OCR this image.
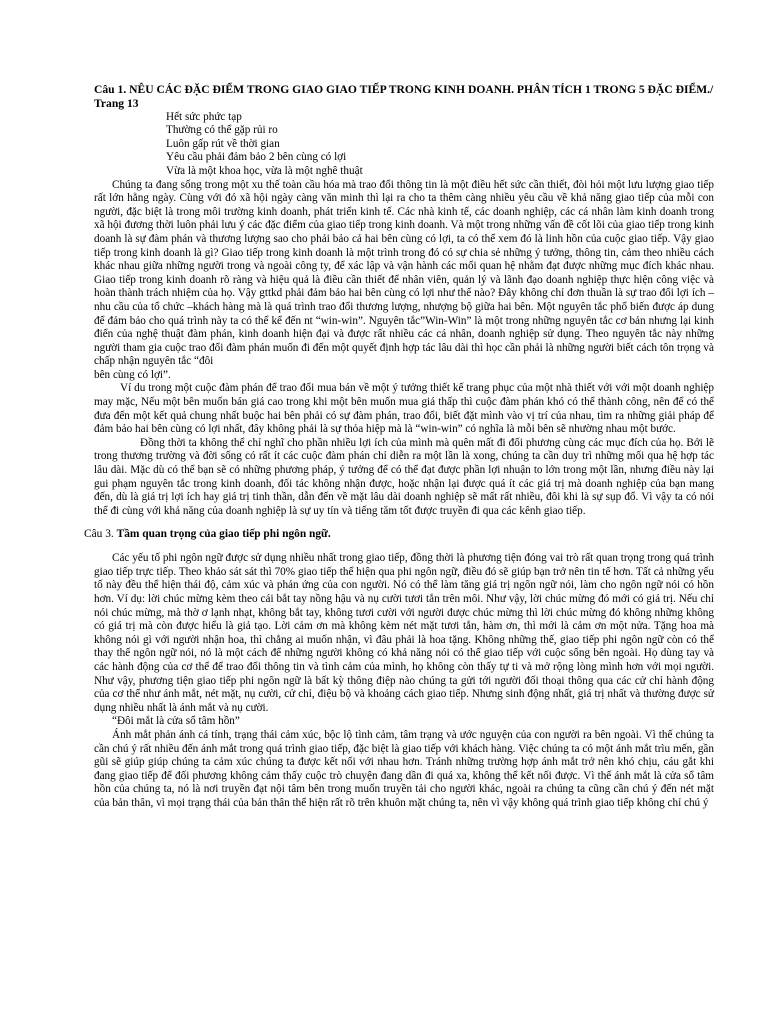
Câu 1. NÊU CÁC ĐẶC ĐIỂM TRONG GIAO GIAO TIẾP TRONG KINH DOANH. PHÂN TÍCH 1 TRONG 5 ĐẶC ĐIỂM./ Trang 13
Hết sức phức tạp
Thường có thể gặp rủi ro
Luôn gấp rút về thời gian
Yêu cầu phải đảm bảo 2 bên cùng có lợi
Vừa là một khoa học, vừa là một nghê thuật

Chúng ta đang sống trong một xu thế toàn cầu hóa mà trao đổi thông tin là một điều hết sức cần thiết, đòi hỏi một lưu lượng giao tiếp rất lớn hằng ngày. Cùng với đó xã hội ngày càng văn minh thì lại ra cho ta thêm càng nhiều yêu cầu về khả năng giao tiếp của mỗi con người, đặc biệt là trong môi trường kinh doanh, phát triển kinh tế. Các nhà kinh tế, các doanh nghiệp, các cá nhân làm kinh doanh trong xã hội đương thời luôn phải lưu ý các đặc điểm của giao tiếp trong kinh doanh. Và một trong những vấn đề cốt lõi của giao tiếp trong kinh doanh là sự đàm phán và thương lượng sao cho phải bảo cả hai bên cùng có lợi, ta có thể xem đó là linh hồn của cuộc giao tiếp. Vậy giao tiếp trong kinh doanh là gì? Giao tiếp trong kinh doanh là một trình trong đó có sự chia sẻ những ý tưởng, thông tin, cảm theo nhiều cách khác nhau giữa những người trong và ngoài công ty, để xác lập và vận hành các mối quan hệ nhằm đạt được những mục đích khác nhau. Giao tiếp trong kinh doanh rõ ràng và hiệu quả là điều cần thiết để nhân viên, quản lý và lãnh đạo doanh nghiệp thực hiện công việc và hoàn thành trách nhiệm của họ. Vậy gttkd phải đảm bảo hai bên cùng có lợi như thế nào? Đây không chỉ đơn thuần là sự trao đổi lợi ích –nhu cầu của tổ chức –khách hàng mà là quá trình trao đổi thương lượng, nhượng bộ giữa hai bên. Một nguyên tắc phổ biến được áp dung để đảm bảo cho quá trình này ta có thể kể đến nt “win-win”. Nguyên tắc”Win-Win” là một trong những nguyên tắc cơ bản nhưng lại kinh điển của nghệ thuật đàm phán, kinh doanh hiện đại và được rất nhiều các cá nhân, doanh nghiệp sử dụng. Theo nguyên tắc này những người tham gia cuộc trao đổi đàm phán muốn đi đến một quyết định hợp tác lâu dài thì học cần phải là những người biết cách tôn trọng và chấp nhận nguyên tắc “đôi

bên cùng có lợi”.

Ví du trong một cuộc đàm phán để trao đổi mua bán về một ý tưởng thiết kế trang phục của một nhà thiết với với một doanh nghiệp may mặc, Nếu một bên muốn bán giá cao trong khi một bên muốn mua giá thấp thì cuộc đàm phán khó có thể thành công, nên để có thể đưa đến một kết quả chung nhất buộc hai bên phải có sự đàm phán, trao đổi, biết đặt mình vào vị trí của nhau, tìm ra những giải pháp để đảm bảo hai bên cùng có lợi nhất, đây không phải là sự thỏa hiệp mà là “win-win” có nghĩa là mỗi bên sẽ nhường nhau một bước.

Đồng thời ta không thể chỉ nghĩ cho phần nhiều lợi ích của mình mà quên mất đi đối phương cùng các mục đích của họ. Bởi lẽ trong thương trường và đời sống có rất ít các cuộc đàm phán chỉ diễn ra một lần là xong, chúng ta cần duy trì những mối qua hệ hợp tác lâu dài. Mặc dù có thể bạn sẽ có những phương pháp, ý tưởng để có thể đạt được phần lợi nhuận to lớn trong một lần, nhưng điều này lại gui phạm nguyên tắc trong kinh doanh, đối tác không nhận được, hoặc nhận lại được quá ít các giá trị mà doanh nghiệp của bạn mang đến, dù là giá trị lợi ích hay giá trị tinh thần, dẫn đến về mặt lâu dài doanh nghiệp sẽ mất rất nhiều, đôi khi là sự sụp đổ. Vì vậy ta có nói thể đi cùng với khả năng của doanh nghiệp là sự uy tín và tiếng tăm tốt được truyền đi qua các kênh giao tiếp.

Câu 3. Tầm quan trọng của giao tiếp phi ngôn ngữ.

Các yếu tố phi ngôn ngữ được sử dụng nhiều nhất trong giao tiếp, đồng thời là phương tiện đóng vai trò rất quan trọng trong quá trình giao tiếp trực tiếp. Theo khảo sát sát thì 70% giao tiếp thể hiện qua phi ngôn ngữ, điều đó sẽ giúp bạn trở nên tin tế hơn. Tất cả những yếu tố này đều thể hiện thái độ, cảm xúc và phản ứng của con người. Nó có thể làm tăng giá trị ngôn ngữ nói, làm cho ngôn ngữ nói có hồn hơn. Ví dụ: lời chúc mừng kèm theo cái bắt tay nồng hậu và nụ cười tươi tắn trên môi. Như vậy, lời chúc mừng đó mới có giá trị. Nếu chỉ nói chúc mừng, mà thờ ơ lạnh nhạt, không bắt tay, không tươi cười với người được chúc mừng thì lời chúc mừng đó không những không có giá trị mà còn được hiểu là giả tạo. Lời cảm ơn mà không kèm nét mặt tươi tắn, hàm ơn, thì mới là cảm ơn một nửa. Tặng hoa mà không nói gì với người nhận hoa, thì chẳng ai muốn nhận, vì đâu phải là hoa tặng. Không những thế, giao tiếp phi ngôn ngữ còn có thể thay thế ngôn ngữ nói, nó là một cách để những người không có khả năng nói có thể giao tiếp với cuộc sống bên ngoài. Họ dùng tay và các hành động của cơ thể để trao đổi thông tin và tình cảm của mình, họ không còn thấy tự ti và mở rộng lòng mình hơn với mọi người. Như vậy, phương tiện giao tiếp phi ngôn ngữ là bất kỳ thông điệp nào chúng ta gửi tới người đối thoại thông qua các cử chỉ hành động của cơ thể như ánh mắt, nét mặt, nụ cười, cử chỉ, điệu bộ và khoảng cách giao tiếp. Nhưng sinh động nhất, giá trị nhất và thường được sử dụng nhiều nhất là ánh mắt và nụ cười.

“Đôi mắt là cửa sổ tâm hồn”

Ánh mắt phản ánh cá tính, trạng thái cảm xúc, bộc lộ tình cảm, tâm trạng và ước nguyện của con người ra bên ngoài. Vì thế chúng ta cần chú ý rất nhiều đến ánh mắt trong quá trình giao tiếp, đặc biệt là giao tiếp với khách hàng. Việc chúng ta có một ánh mắt trìu mến, gần gũi sẽ giúp giúp chúng ta cảm xúc chúng ta được kết nối với nhau hơn. Tránh những trường hợp ánh mắt trở nên khó chịu, cáu gắt khi đang giao tiếp để đối phương không cảm thấy cuộc trò chuyện đang dần đi quá xa, không thể kết nối được. Vì thế ánh mắt là cửa sổ tâm hồn của chúng ta, nó là nơi truyền đạt nội tâm bên trong muốn truyền tải cho người khác, ngoài ra chúng ta cũng cần chú ý đến nét mặt của bản thân, vì mọi trạng thái của bản thân thể hiện rất rõ trên khuôn mặt chúng ta, nên vì vậy không quá trình giao tiếp không chỉ chú ý
